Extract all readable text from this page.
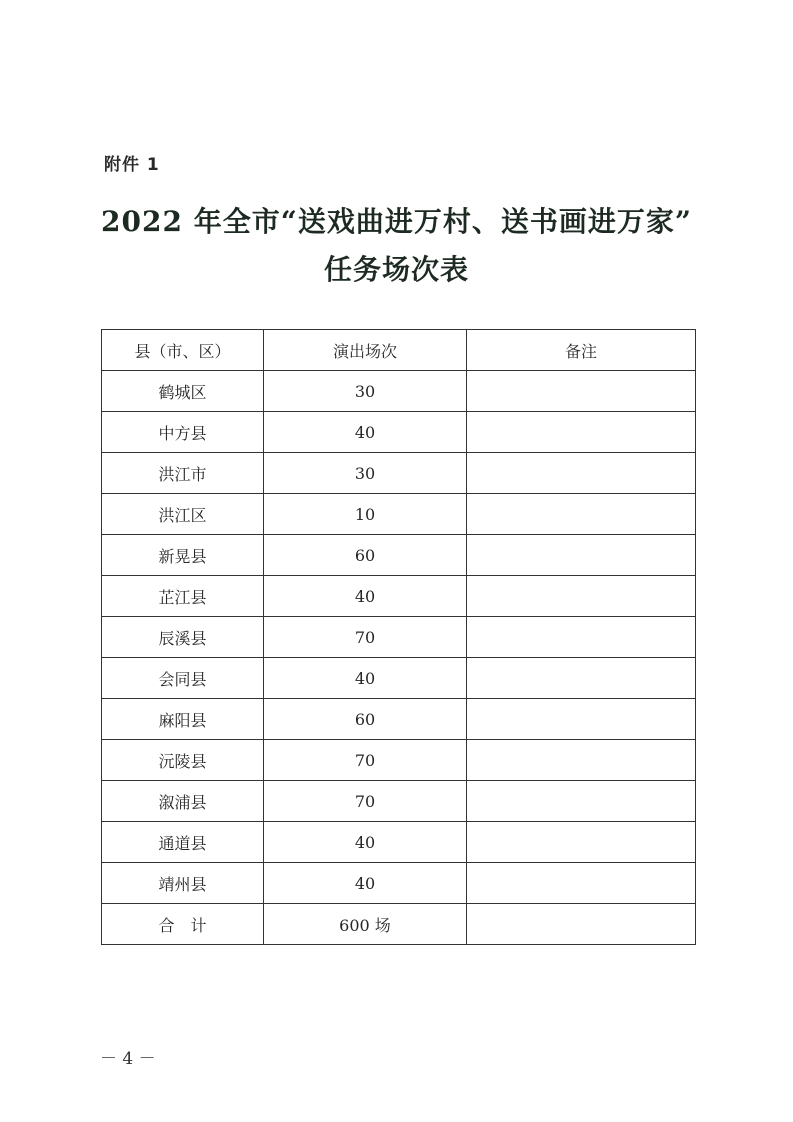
附件 1
2022 年全市“送戏曲进万村、送书画进万家”
任务场次表
县（市、区）	演出场次	备注
鹤城区	30	
中方县	40	
洪江市	30	
洪江区	10	
新晃县	60	
芷江县	40	
辰溪县	70	
会同县	40	
麻阳县	60	
沅陵县	70	
溆浦县	70	
通道县	40	
靖州县	40	
合　计	600 场	
－ 4 －
